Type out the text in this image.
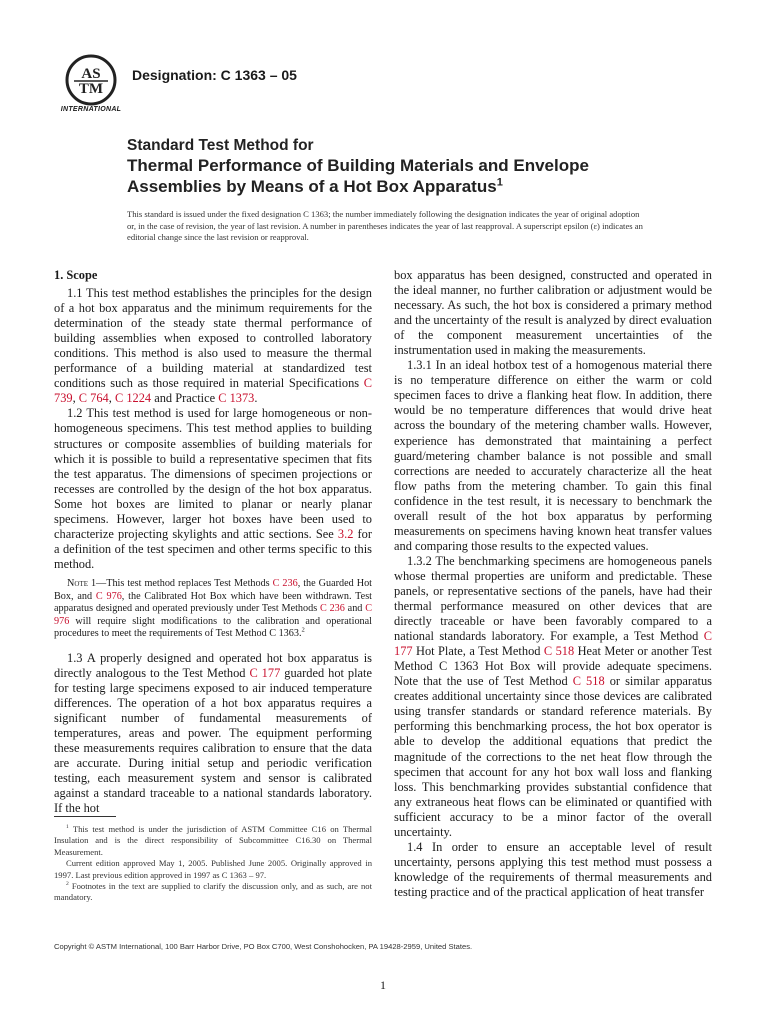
AS
TM
INTERNATIONAL
Designation: C 1363 – 05
Standard Test Method for
Thermal Performance of Building Materials and Envelope
Assemblies by Means of a Hot Box Apparatus$^1$
This standard is issued under the fixed designation C 1363; the number immediately following the designation indicates the year of original adoption or, in the case of revision, the year of last revision. A number in parentheses indicates the year of last reapproval. A superscript epsilon (ε) indicates an editorial change since the last revision or reapproval.

1. Scope

1.1 This test method establishes the principles for the design of a hot box apparatus and the minimum requirements for the determination of the steady state thermal performance of building assemblies when exposed to controlled laboratory conditions. This method is also used to measure the thermal performance of a building material at standardized test conditions such as those required in material Specifications C 739, C 764, C 1224 and Practice C 1373.

1.2 This test method is used for large homogeneous or non-homogeneous specimens. This test method applies to building structures or composite assemblies of building materials for which it is possible to build a representative specimen that fits the test apparatus. The dimensions of specimen projections or recesses are controlled by the design of the hot box apparatus. Some hot boxes are limited to planar or nearly planar specimens. However, larger hot boxes have been used to characterize projecting skylights and attic sections. See 3.2 for a definition of the test specimen and other terms specific to this method.

Note 1—This test method replaces Test Methods C 236, the Guarded Hot Box, and C 976, the Calibrated Hot Box which have been withdrawn. Test apparatus designed and operated previously under Test Methods C 236 and C 976 will require slight modifications to the calibration and operational procedures to meet the requirements of Test Method C 1363.$^2$

1.3 A properly designed and operated hot box apparatus is directly analogous to the Test Method C 177 guarded hot plate for testing large specimens exposed to air induced temperature differences. The operation of a hot box apparatus requires a significant number of fundamental measurements of temperatures, areas and power. The equipment performing these measurements requires calibration to ensure that the data are accurate. During initial setup and periodic verification testing, each measurement system and sensor is calibrated against a standard traceable to a national standards laboratory. If the hot

$^1$ This test method is under the jurisdiction of ASTM Committee C16 on Thermal Insulation and is the direct responsibility of Subcommittee C16.30 on Thermal Measurement.

Current edition approved May 1, 2005. Published June 2005. Originally approved in 1997. Last previous edition approved in 1997 as C 1363 – 97.

$^2$ Footnotes in the text are supplied to clarify the discussion only, and as such, are not mandatory.

box apparatus has been designed, constructed and operated in the ideal manner, no further calibration or adjustment would be necessary. As such, the hot box is considered a primary method and the uncertainty of the result is analyzed by direct evaluation of the component measurement uncertainties of the instrumentation used in making the measurements.

1.3.1 In an ideal hotbox test of a homogenous material there is no temperature difference on either the warm or cold specimen faces to drive a flanking heat flow. In addition, there would be no temperature differences that would drive heat across the boundary of the metering chamber walls. However, experience has demonstrated that maintaining a perfect guard/metering chamber balance is not possible and small corrections are needed to accurately characterize all the heat flow paths from the metering chamber. To gain this final confidence in the test result, it is necessary to benchmark the overall result of the hot box apparatus by performing measurements on specimens having known heat transfer values and comparing those results to the expected values.

1.3.2 The benchmarking specimens are homogeneous panels whose thermal properties are uniform and predictable. These panels, or representative sections of the panels, have had their thermal performance measured on other devices that are directly traceable or have been favorably compared to a national standards laboratory. For example, a Test Method C 177 Hot Plate, a Test Method C 518 Heat Meter or another Test Method C 1363 Hot Box will provide adequate specimens. Note that the use of Test Method C 518 or similar apparatus creates additional uncertainty since those devices are calibrated using transfer standards or standard reference materials. By performing this benchmarking process, the hot box operator is able to develop the additional equations that predict the magnitude of the corrections to the net heat flow through the specimen that account for any hot box wall loss and flanking loss. This benchmarking provides substantial confidence that any extraneous heat flows can be eliminated or quantified with sufficient accuracy to be a minor factor of the overall uncertainty.

1.4 In order to ensure an acceptable level of result uncertainty, persons applying this test method must possess a knowledge of the requirements of thermal measurements and testing practice and of the practical application of heat transfer

Copyright © ASTM International, 100 Barr Harbor Drive, PO Box C700, West Conshohocken, PA 19428-2959, United States.
1
